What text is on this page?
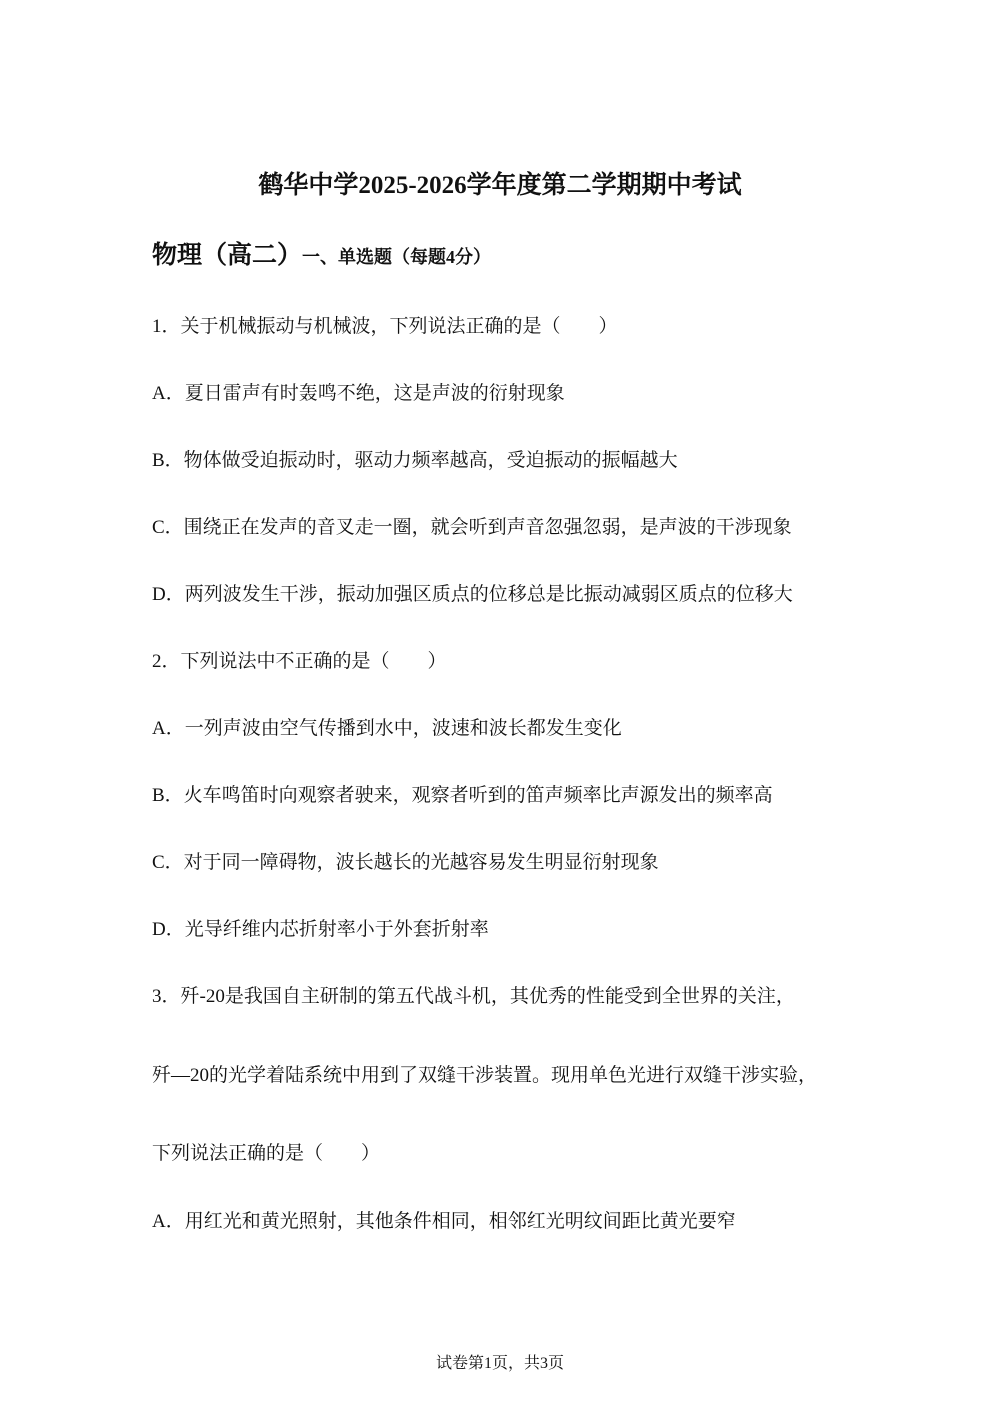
鹤华中学2025-2026学年度第二学期期中考试
物理（高二）一、单选题（每题4分）
1．关于机械振动与机械波，下列说法正确的是（　　）
A．夏日雷声有时轰鸣不绝，这是声波的衍射现象
B．物体做受迫振动时，驱动力频率越高，受迫振动的振幅越大
C．围绕正在发声的音叉走一圈，就会听到声音忽强忽弱，是声波的干涉现象
D．两列波发生干涉，振动加强区质点的位移总是比振动减弱区质点的位移大
2．下列说法中不正确的是（　　）
A．一列声波由空气传播到水中，波速和波长都发生变化
B．火车鸣笛时向观察者驶来，观察者听到的笛声频率比声源发出的频率高
C．对于同一障碍物，波长越长的光越容易发生明显衍射现象
D．光导纤维内芯折射率小于外套折射率
3．歼-20是我国自主研制的第五代战斗机，其优秀的性能受到全世界的关注，
歼—20的光学着陆系统中用到了双缝干涉装置。现用单色光进行双缝干涉实验，
下列说法正确的是（　　）
A．用红光和黄光照射，其他条件相同，相邻红光明纹间距比黄光要窄
试卷第1页，共3页
